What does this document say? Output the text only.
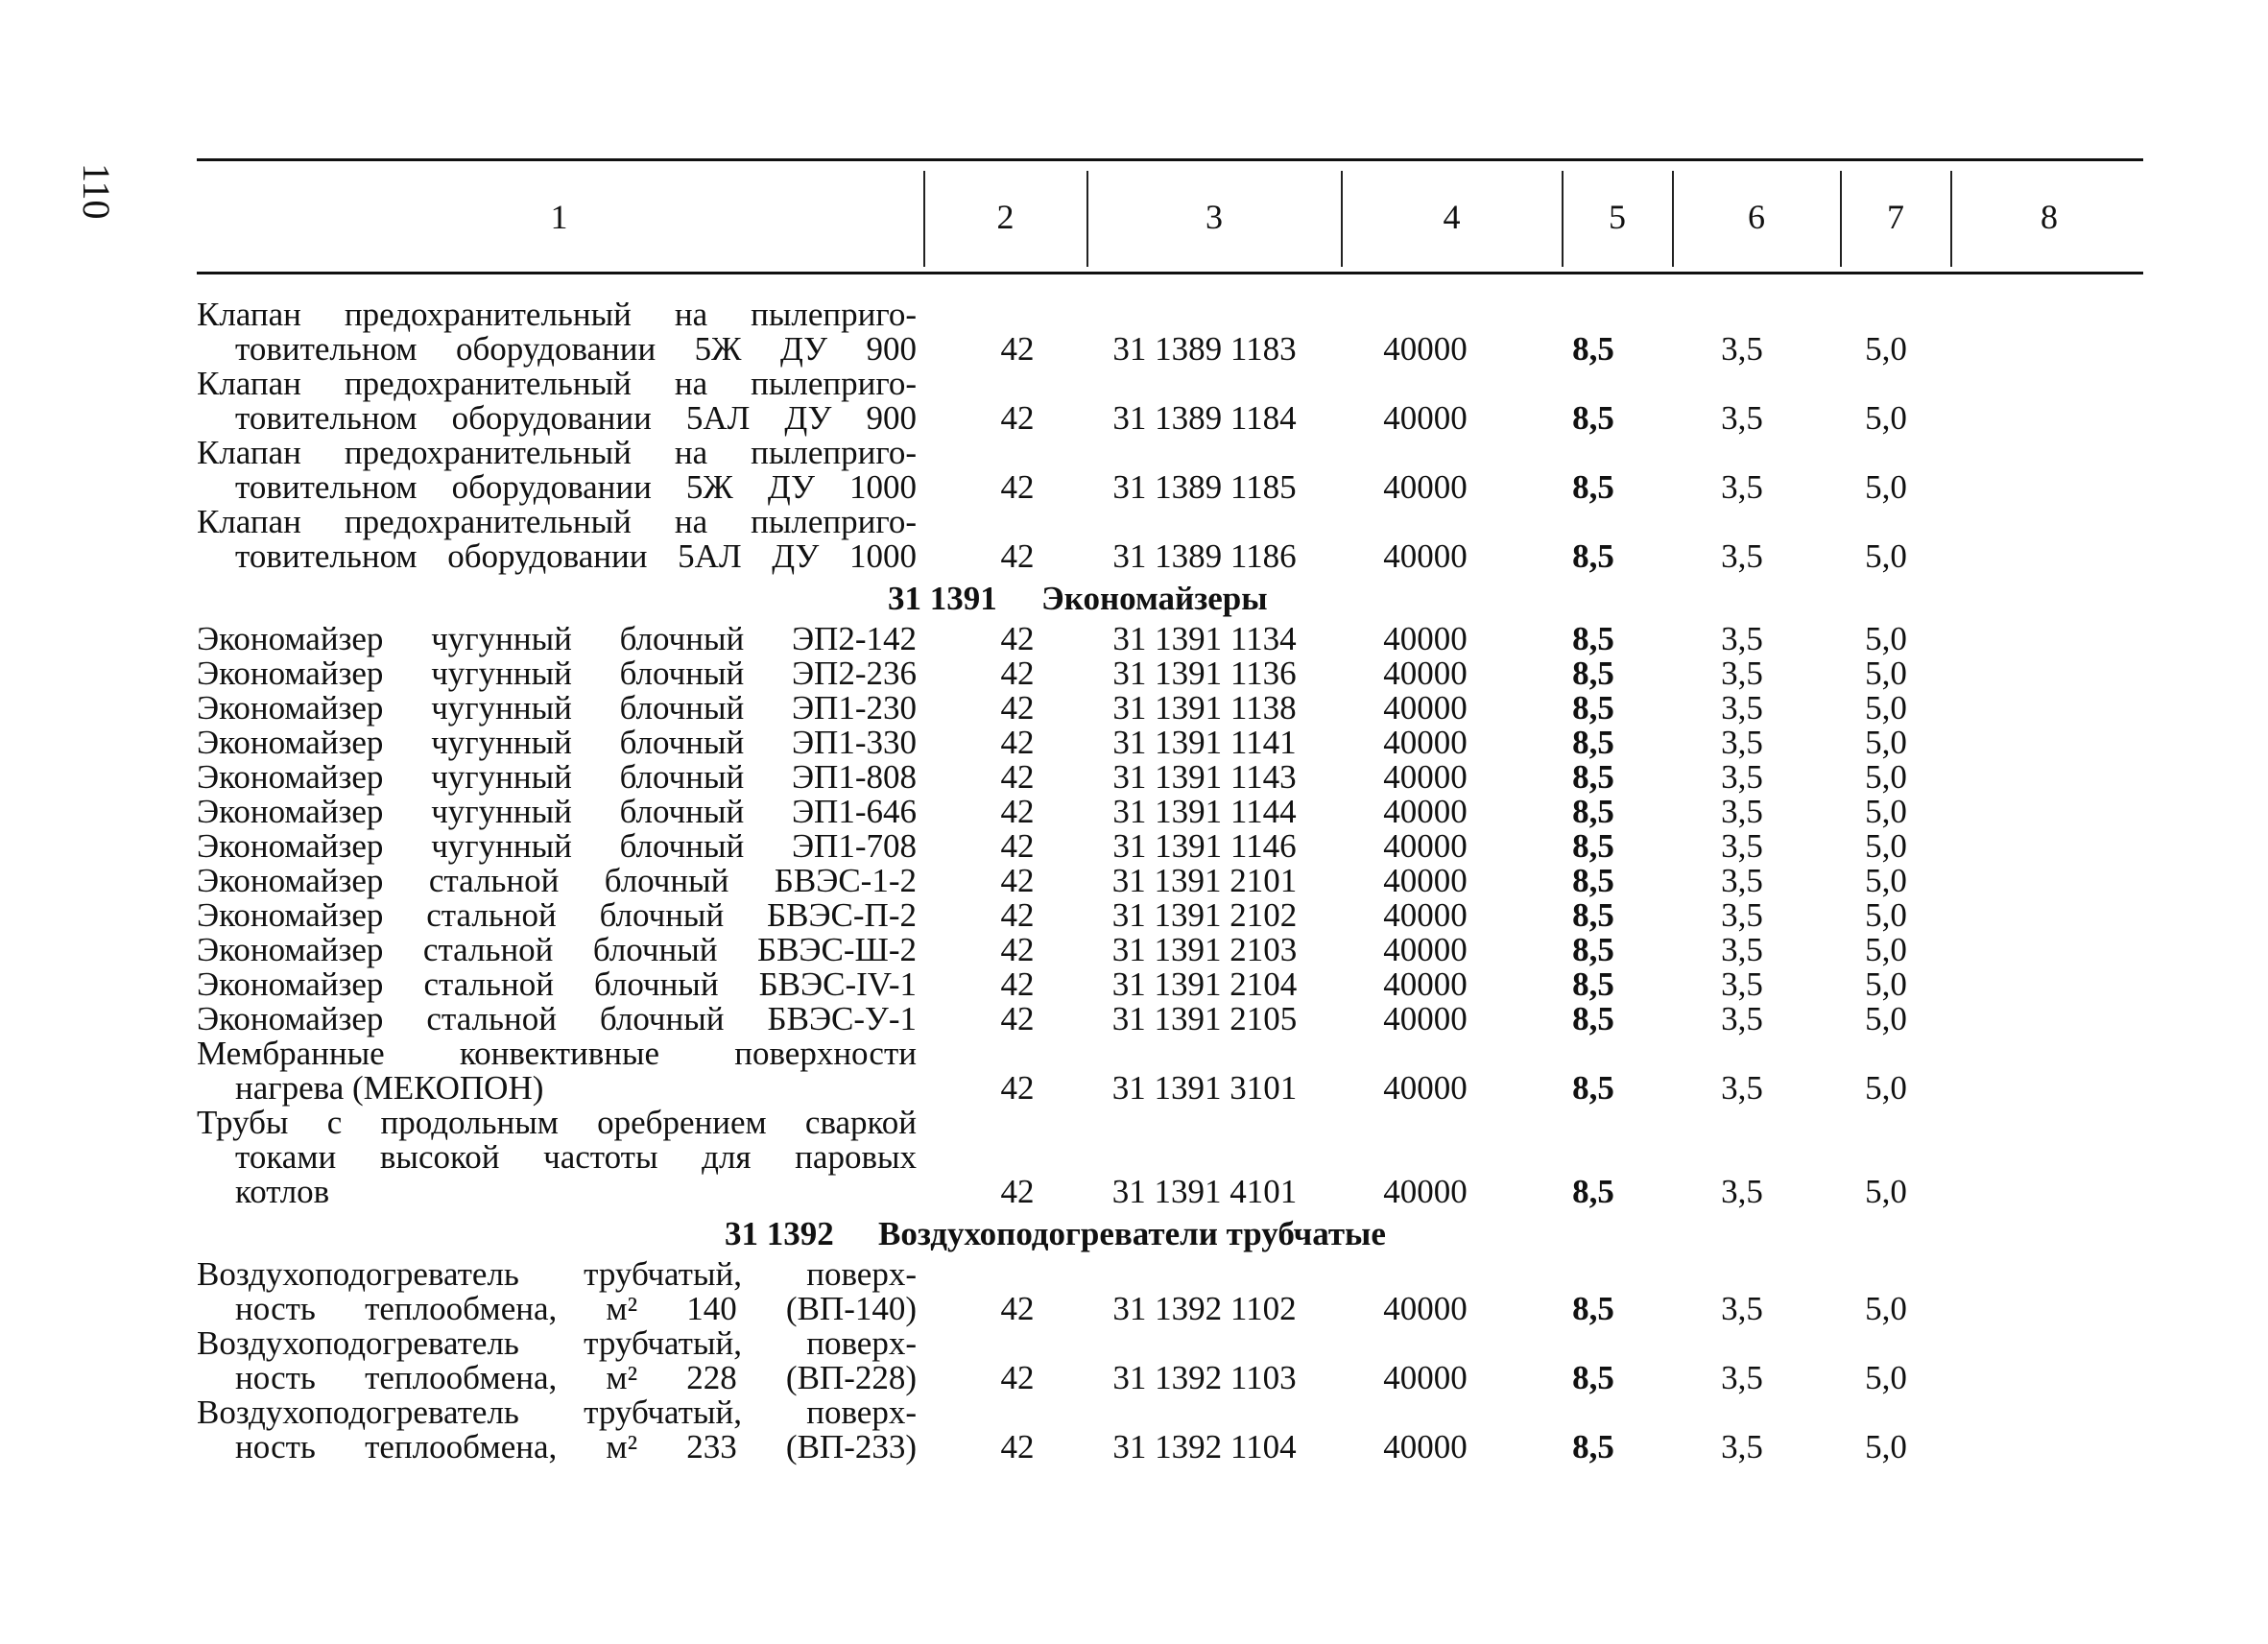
110	1	2	3	4	5	6	7	8
Клапан предохранительный на пылеприго-
товительном оборудовании 5Ж ДУ 900	42	31 1389 1183	40000	8,5	3,5	5,0
Клапан предохранительный на пылеприго-
товительном оборудовании 5АЛ ДУ 900	42	31 1389 1184	40000	8,5	3,5	5,0
Клапан предохранительный на пылеприго-
товительном оборудовании 5Ж ДУ 1000	42	31 1389 1185	40000	8,5	3,5	5,0
Клапан предохранительный на пылеприго-
товительном оборудовании 5АЛ ДУ 1000	42	31 1389 1186	40000	8,5	3,5	5,0
31 1391 Экономайзеры
Экономайзер чугунный блочный ЭП2-142	42	31 1391 1134	40000	8,5	3,5	5,0
Экономайзер чугунный блочный ЭП2-236	42	31 1391 1136	40000	8,5	3,5	5,0
Экономайзер чугунный блочный ЭП1-230	42	31 1391 1138	40000	8,5	3,5	5,0
Экономайзер чугунный блочный ЭП1-330	42	31 1391 1141	40000	8,5	3,5	5,0
Экономайзер чугунный блочный ЭП1-808	42	31 1391 1143	40000	8,5	3,5	5,0
Экономайзер чугунный блочный ЭП1-646	42	31 1391 1144	40000	8,5	3,5	5,0
Экономайзер чугунный блочный ЭП1-708	42	31 1391 1146	40000	8,5	3,5	5,0
Экономайзер стальной блочный БВЭС-1-2	42	31 1391 2101	40000	8,5	3,5	5,0
Экономайзер стальной блочный БВЭС-П-2	42	31 1391 2102	40000	8,5	3,5	5,0
Экономайзер стальной блочный БВЭС-Ш-2	42	31 1391 2103	40000	8,5	3,5	5,0
Экономайзер стальной блочный БВЭС-IV-1	42	31 1391 2104	40000	8,5	3,5	5,0
Экономайзер стальной блочный БВЭС-У-1	42	31 1391 2105	40000	8,5	3,5	5,0
Мембранные конвективные поверхности
нагрева (МЕКОПОН)	42	31 1391 3101	40000	8,5	3,5	5,0
Трубы с продольным оребрением сваркой
токами высокой частоты для паровых
котлов	42	31 1391 4101	40000	8,5	3,5	5,0
31 1392 Воздухоподогреватели трубчатые
Воздухоподогреватель трубчатый, поверх-
ность теплообмена, м² 140 (ВП-140)	42	31 1392 1102	40000	8,5	3,5	5,0
Воздухоподогреватель трубчатый, поверх-
ность теплообмена, м² 228 (ВП-228)	42	31 1392 1103	40000	8,5	3,5	5,0
Воздухоподогреватель трубчатый, поверх-
ность теплообмена, м² 233 (ВП-233)	42	31 1392 1104	40000	8,5	3,5	5,0
